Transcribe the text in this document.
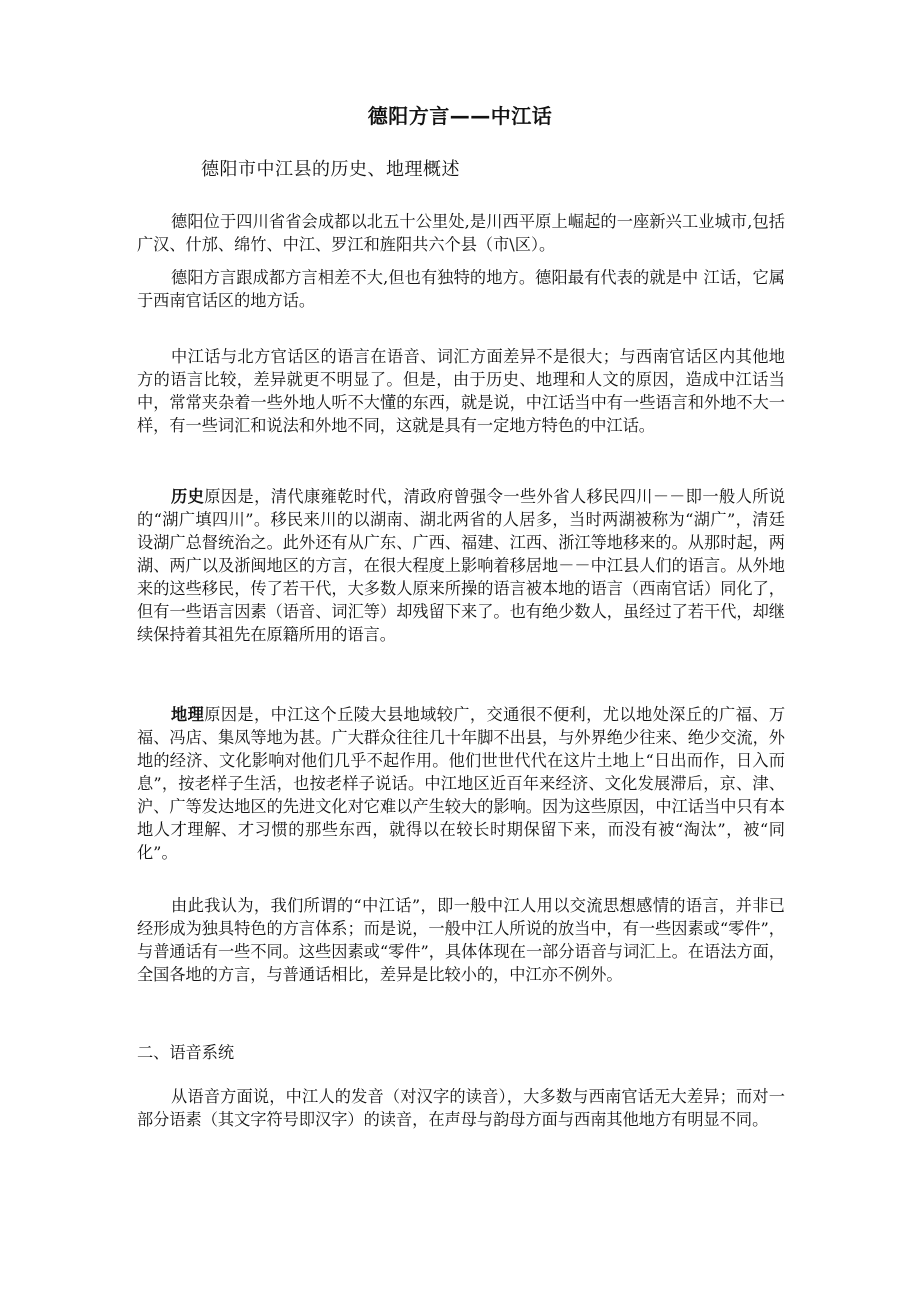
德阳方言——中江话
德阳市中江县的历史、地理概述

德阳位于四川省省会成都以北五十公里处,是川西平原上崛起的一座新兴工业城市,包括广汉、什邡、绵竹、中江、罗江和旌阳共六个县（市\区）。

德阳方言跟成都方言相差不大,但也有独特的地方。德阳最有代表的就是中 江话，它属于西南官话区的地方话。

中江话与北方官话区的语言在语音、词汇方面差异不是很大；与西南官话区内其他地方的语言比较，差异就更不明显了。但是，由于历史、地理和人文的原因，造成中江话当中，常常夹杂着一些外地人听不大懂的东西，就是说，中江话当中有一些语言和外地不大一样，有一些词汇和说法和外地不同，这就是具有一定地方特色的中江话。

历史原因是，清代康雍乾时代，清政府曾强令一些外省人移民四川－－即一般人所说的“湖广填四川”。移民来川的以湖南、湖北两省的人居多，当时两湖被称为“湖广”，清廷设湖广总督统治之。此外还有从广东、广西、福建、江西、浙江等地移来的。从那时起，两湖、两广以及浙闽地区的方言，在很大程度上影响着移居地－－中江县人们的语言。从外地来的这些移民，传了若干代，大多数人原来所操的语言被本地的语言（西南官话）同化了，但有一些语言因素（语音、词汇等）却残留下来了。也有绝少数人，虽经过了若干代，却继续保持着其祖先在原籍所用的语言。

地理原因是，中江这个丘陵大县地域较广，交通很不便利，尤以地处深丘的广福、万福、冯店、集凤等地为甚。广大群众往往几十年脚不出县，与外界绝少往来、绝少交流，外地的经济、文化影响对他们几乎不起作用。他们世世代代在这片土地上“日出而作，日入而息”，按老样子生活，也按老样子说话。中江地区近百年来经济、文化发展滞后，京、津、沪、广等发达地区的先进文化对它难以产生较大的影响。因为这些原因，中江话当中只有本地人才理解、才习惯的那些东西，就得以在较长时期保留下来，而没有被“淘汰”，被“同化”。

由此我认为，我们所谓的“中江话”，即一般中江人用以交流思想感情的语言，并非已经形成为独具特色的方言体系；而是说，一般中江人所说的放当中，有一些因素或“零件”，与普通话有一些不同。这些因素或“零件”，具体体现在一部分语音与词汇上。在语法方面，全国各地的方言，与普通话相比，差异是比较小的，中江亦不例外。

二、语音系统

从语音方面说，中江人的发音（对汉字的读音），大多数与西南官话无大差异；而对一部分语素（其文字符号即汉字）的读音，在声母与韵母方面与西南其他地方有明显不同。
